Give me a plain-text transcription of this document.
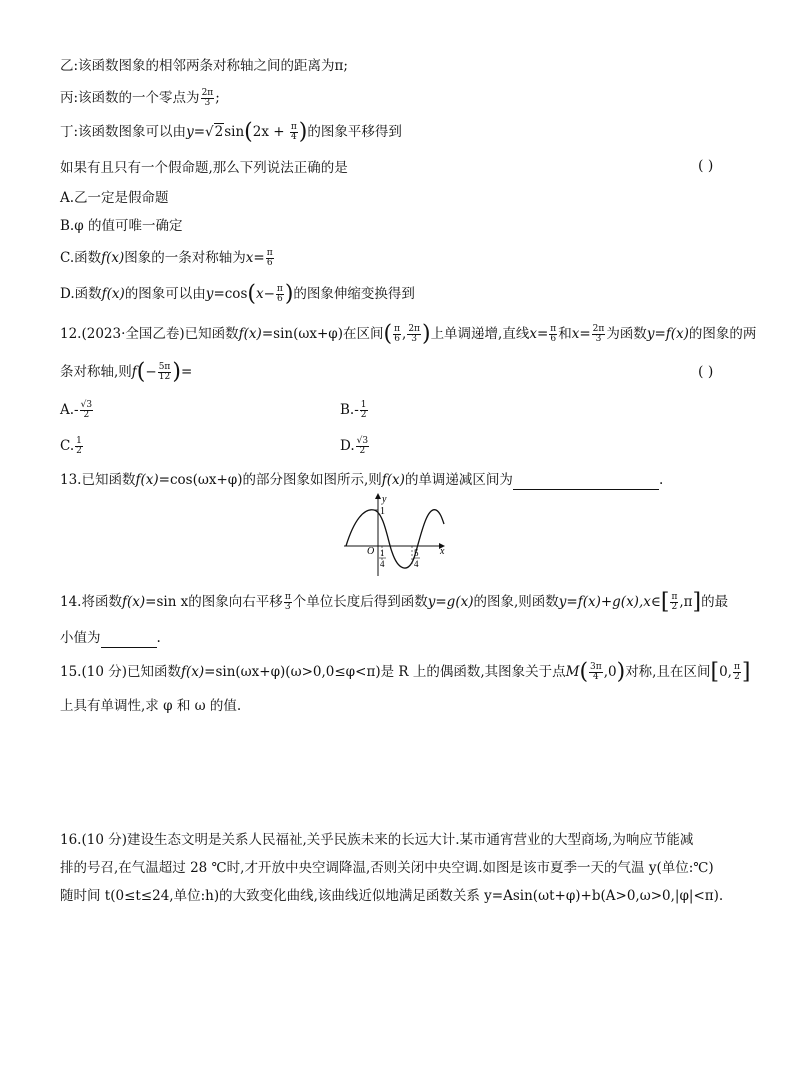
乙:该函数图象的相邻两条对称轴之间的距离为π;
丙:该函数的一个零点为 $\frac{2\pi}{3}$ ;
丁:该函数图象可以由$y=√2\sin(2x + \frac{\pi}{4}$ )的图象平移得到
如果有且只有一个假命题,那么下列说法正确的是	( )
A.乙一定是假命题
B.φ 的值可唯一确定
C.函数f(x)图象的一条对称轴为$x= \frac{\pi}{6}$
D.函数f(x)的图象可以由$y=\cos(x- \frac{\pi}{6}$ )的图象伸缩变换得到
12.(2023·全国乙卷)已知函数f(x)=sin(ωx+φ)在区间( $\frac{\pi}{6}$ , $\frac{2\pi}{3}$ )上单调递增,直线$x= \frac{\pi}{6}$ 和$x= \frac{2\pi}{3}$ 为函数y=f(x)的图象的两
条对称轴,则$f(- \frac{5\pi}{12}$ )=	( )
$A.- \frac{√3}{2}$	$B.- \frac{1}{2}$
C. $\frac{1}{2}$	D. $\frac{√3}{2}$
13.已知函数f(x)=cos(ωx+φ)的部分图象如图所示,则f(x)的单调递减区间为	.
y
x
O
1
1
4
5
4
14.将函数f(x)=sin x的图象向右平移 $\frac{\pi}{3}$ 个单位长度后得到函数y=g(x)的图象,则函数y=f(x)+g(x),x∈[ $\frac{\pi}{2} ,\pi$]的最
小值为	.
15.(10 分)已知函数f(x)=sin(ωx+φ)(ω>0,0≤φ<π)是 R 上的偶函数,其图象关于点$M( \frac{3\pi}{4} ,0)$对称,且在区间[0, $\frac{\pi}{2}$ ]
上具有单调性,求 φ 和 ω 的值.
16.(10 分)建设生态文明是关系人民福祉,关乎民族未来的长远大计.某市通宵营业的大型商场,为响应节能减
排的号召,在气温超过 28 ℃时,才开放中央空调降温,否则关闭中央空调.如图是该市夏季一天的气温 y(单位:℃)
随时间 t(0≤t≤24,单位:h)的大致变化曲线,该曲线近似地满足函数关系 y=Asin(ωt+φ)+b(A>0,ω>0,|φ|<π).
